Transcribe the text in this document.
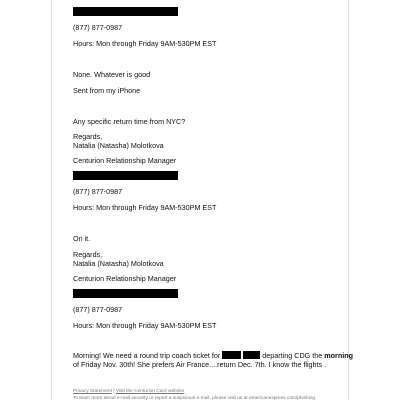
(877) 877-0987
Hours: Mon through Friday 9AM-530PM EST
None. Whatever is good
Sent from my iPhone
Any specific return time from NYC?
Regards,
Natalia (Natasha) Molotkova
Centurion Relationship Manager
(877) 877-0987
Hours: Mon through Friday 9AM-530PM EST
On it.
Regards,
Natalia (Natasha) Molotkova
Centurion Relationship Manager
(877) 877-0987
Hours: Mon through Friday 9AM-530PM EST
Morning! We need a round trip coach ticket for	departing CDG the morning
of Friday Nov. 30th! She prefers Air France....return Dec. 7th. I know the flights .
Privacy Statement | Visit the Centurion Card website
To learn more about e-mail security or report a suspicious e-mail, please visit us at americanexpress.com/phishing
